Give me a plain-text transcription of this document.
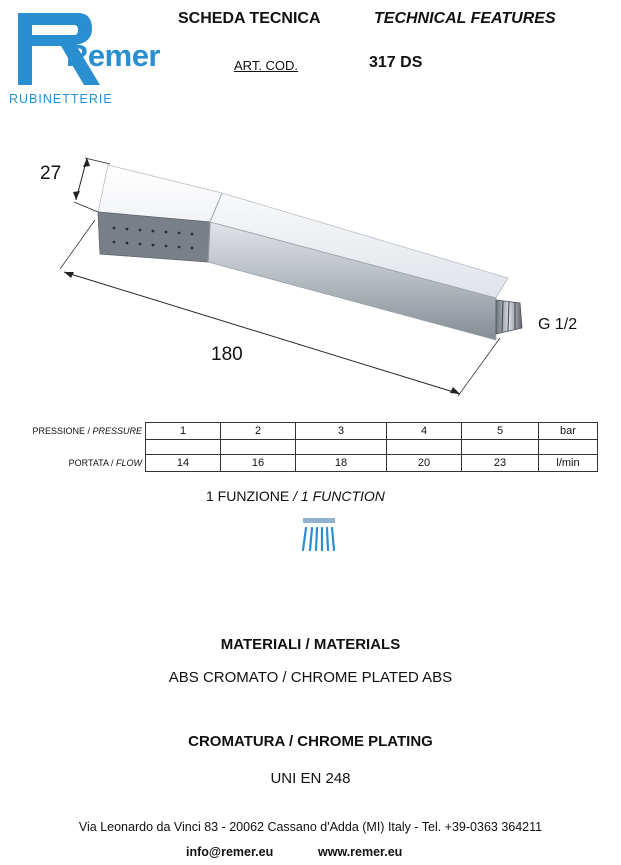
Remer
RUBINETTERIE
SCHEDA TECNICA	TECHNICAL FEATURES
ART. COD.	317 DS
27
180
G 1/2
PRESSIONE / PRESSURE	1	2	3	4	5	bar

PORTATA / FLOW	14	16	18	20	23	l/min
1 FUNZIONE / 1 FUNCTION
MATERIALI / MATERIALS
ABS CROMATO / CHROME PLATED ABS
CROMATURA / CHROME PLATING
UNI EN 248
Via Leonardo da Vinci 83 - 20062 Cassano d'Adda (MI) Italy - Tel. +39-0363 364211
info@remer.eu	www.remer.eu
